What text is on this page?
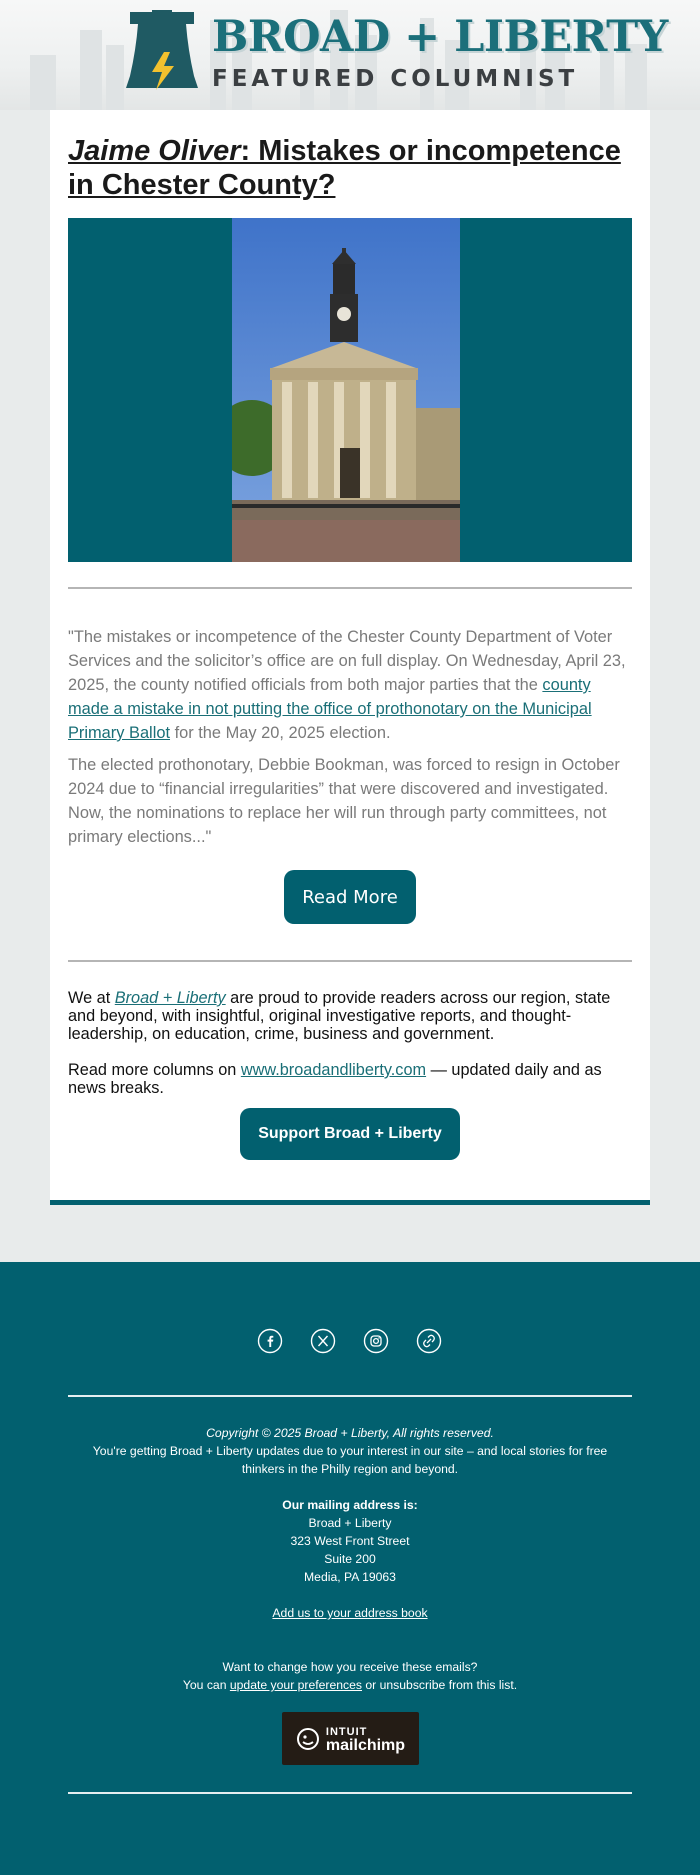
BROAD + LIBERTY
FEATURED COLUMNIST
Jaime Oliver: Mistakes or incompetence in Chester County?

"The mistakes or incompetence of the Chester County Department of Voter Services and the solicitor’s office are on full display. On Wednesday, April 23, 2025, the county notified officials from both major parties that the county made a mistake in not putting the office of prothonotary on the Municipal Primary Ballot for the May 20, 2025 election.

The elected prothonotary, Debbie Bookman, was forced to resign in October 2024 due to “financial irregularities” that were discovered and investigated. Now, the nominations to replace her will run through party committees, not primary elections..."

Read More

We at Broad + Liberty are proud to provide readers across our region, state and beyond, with insightful, original investigative reports, and thought-leadership, on education, crime, business and government.

Read more columns on www.broadandliberty.com — updated daily and as news breaks.

Support Broad + Liberty

Copyright © 2025 Broad + Liberty, All rights reserved.

You're getting Broad + Liberty updates due to your interest in our site – and local stories for free thinkers in the Philly region and beyond.

Our mailing address is:

Broad + Liberty

323 West Front Street

Suite 200

Media, PA 19063

Add us to your address book

Want to change how you receive these emails?

You can update your preferences or unsubscribe from this list.

INTUIT
mailchimp
